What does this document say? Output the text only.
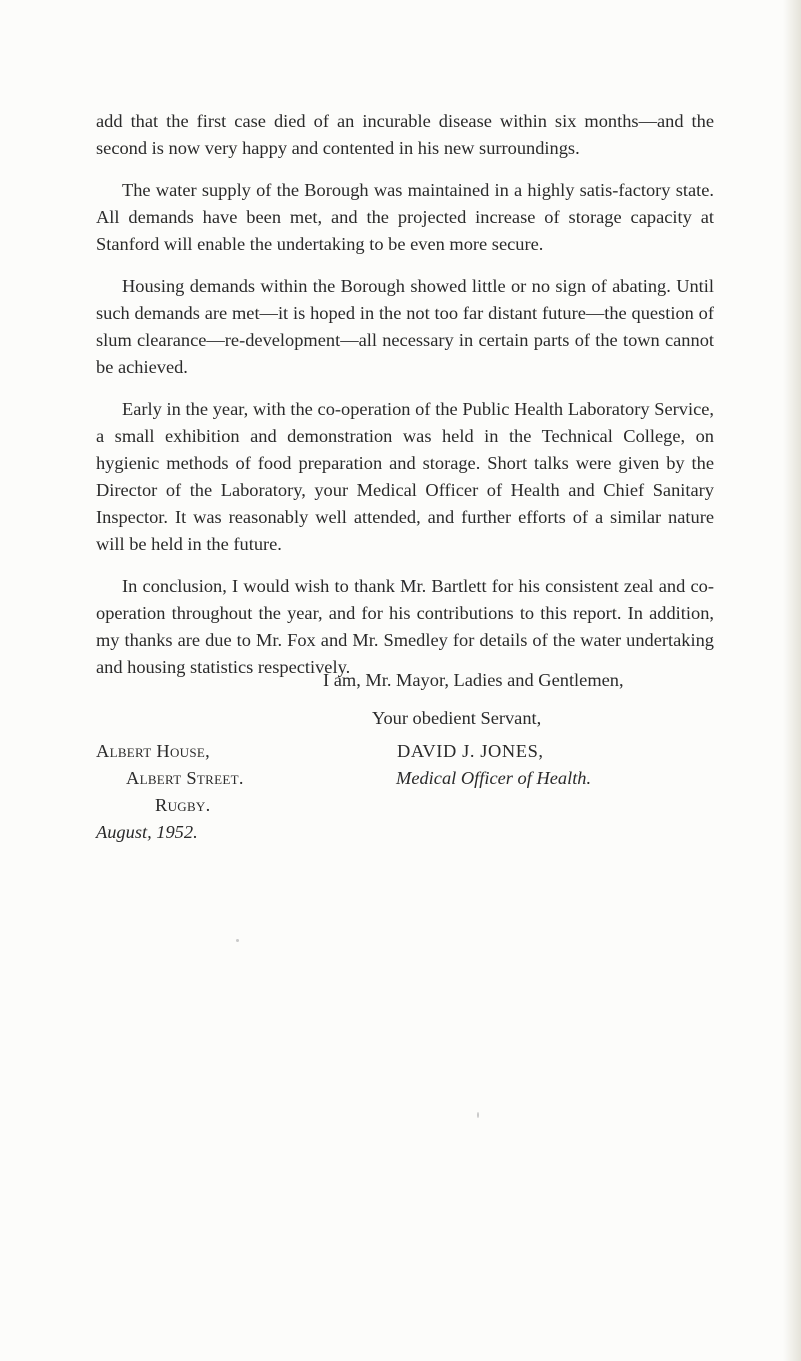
add that the first case died of an incurable disease within six months—and the second is now very happy and contented in his new surroundings.

The water supply of the Borough was maintained in a highly satis-factory state. All demands have been met, and the projected increase of storage capacity at Stanford will enable the undertaking to be even more secure.

Housing demands within the Borough showed little or no sign of abating. Until such demands are met—it is hoped in the not too far distant future—the question of slum clearance—re-development—all necessary in certain parts of the town cannot be achieved.

Early in the year, with the co-operation of the Public Health Laboratory Service, a small exhibition and demonstration was held in the Technical College, on hygienic methods of food preparation and storage. Short talks were given by the Director of the Laboratory, your Medical Officer of Health and Chief Sanitary Inspector. It was reasonably well attended, and further efforts of a similar nature will be held in the future.

In conclusion, I would wish to thank Mr. Bartlett for his consistent zeal and co-operation throughout the year, and for his contributions to this report. In addition, my thanks are due to Mr. Fox and Mr. Smedley for details of the water undertaking and housing statistics respectively.

I am, Mr. Mayor, Ladies and Gentlemen,
Your obedient Servant,
DAVID J. JONES,
Medical Officer of Health.
Albert House,
Albert Street.
Rugby.
August, 1952.
